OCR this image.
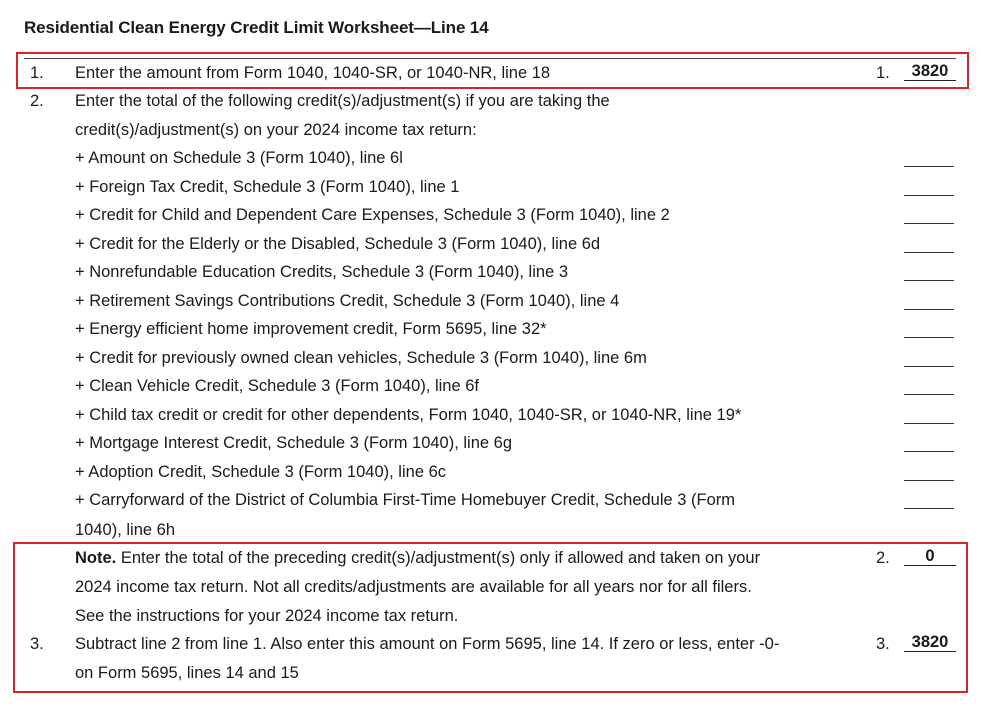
Residential Clean Energy Credit Limit Worksheet—Line 14
1. Enter the amount from Form 1040, 1040-SR, or 1040-NR, line 18	1.	3820
2. Enter the total of the following credit(s)/adjustment(s) if you are taking the
credit(s)/adjustment(s) on your 2024 income tax return:
+ Amount on Schedule 3 (Form 1040), line 6l
+ Foreign Tax Credit, Schedule 3 (Form 1040), line 1
+ Credit for Child and Dependent Care Expenses, Schedule 3 (Form 1040), line 2
+ Credit for the Elderly or the Disabled, Schedule 3 (Form 1040), line 6d
+ Nonrefundable Education Credits, Schedule 3 (Form 1040), line 3
+ Retirement Savings Contributions Credit, Schedule 3 (Form 1040), line 4
+ Energy efficient home improvement credit, Form 5695, line 32*
+ Credit for previously owned clean vehicles, Schedule 3 (Form 1040), line 6m
+ Clean Vehicle Credit, Schedule 3 (Form 1040), line 6f
+ Child tax credit or credit for other dependents, Form 1040, 1040-SR, or 1040-NR, line 19*
+ Mortgage Interest Credit, Schedule 3 (Form 1040), line 6g
+ Adoption Credit, Schedule 3 (Form 1040), line 6c
+ Carryforward of the District of Columbia First-Time Homebuyer Credit, Schedule 3 (Form
1040), line 6h
Note. Enter the total of the preceding credit(s)/adjustment(s) only if allowed and taken on your
2024 income tax return. Not all credits/adjustments are available for all years nor for all filers.
See the instructions for your 2024 income tax return.
2.	0
3. Subtract line 2 from line 1. Also enter this amount on Form 5695, line 14. If zero or less, enter -0-
on Form 5695, lines 14 and 15
3.	3820
